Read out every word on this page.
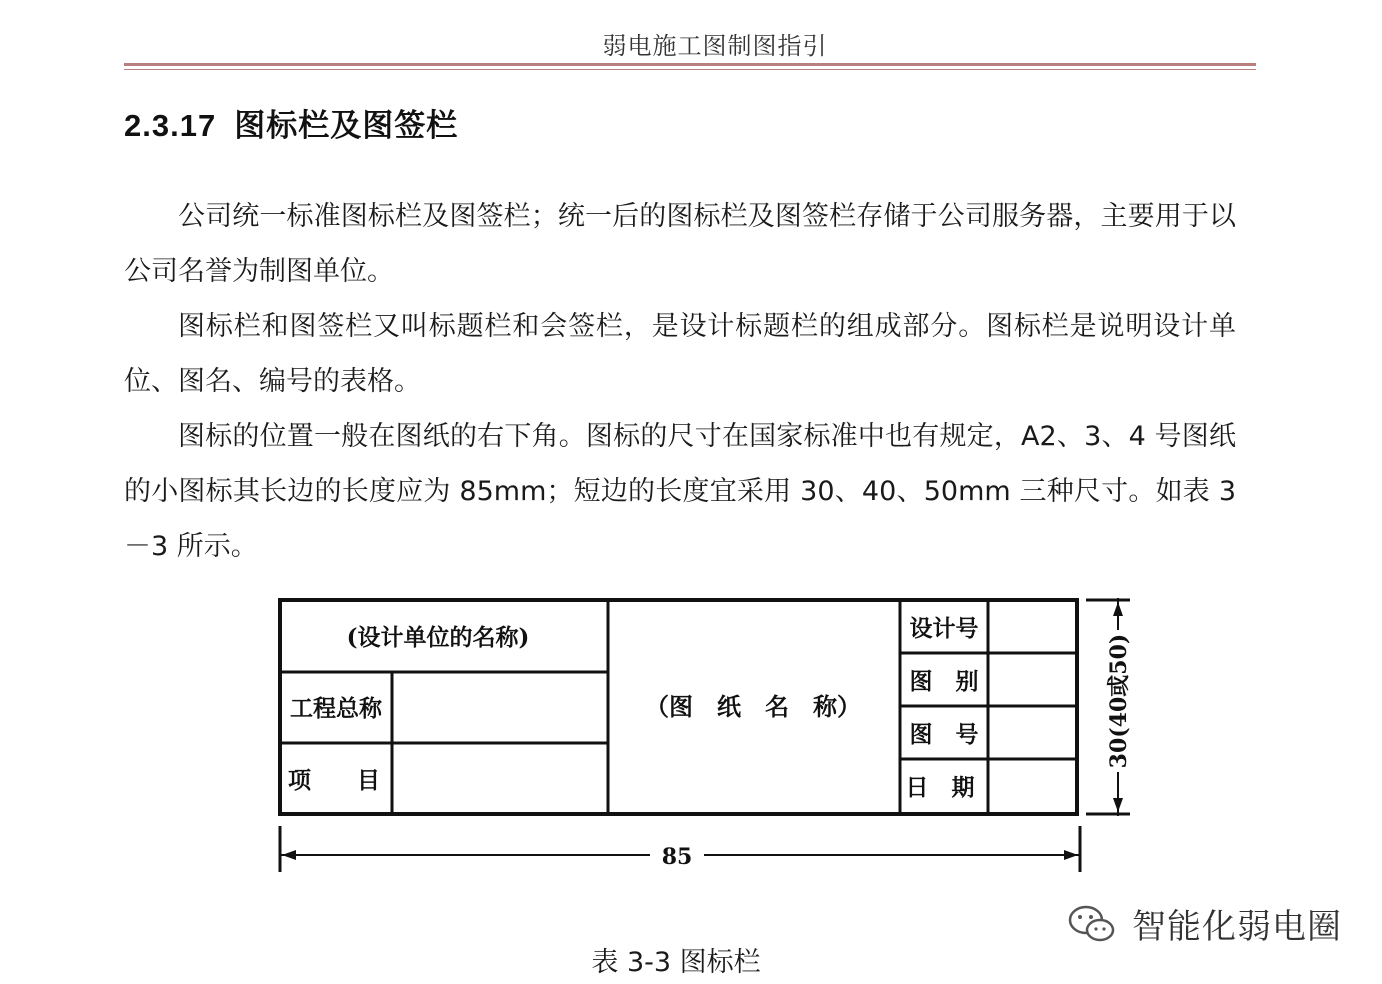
弱电施工图制图指引
2.3.17 图标栏及图签栏
公司统一标准图标栏及图签栏；统一后的图标栏及图签栏存储于公司服务器，主要用于以公司名誉为制图单位。
图标栏和图签栏又叫标题栏和会签栏，是设计标题栏的组成部分。图标栏是说明设计单位、图名、编号的表格。
图标的位置一般在图纸的右下角。图标的尺寸在国家标准中也有规定，A2、3、4 号图纸的小图标其长边的长度应为 85mm；短边的长度宜采用 30、40、50mm 三种尺寸。如表 3－3 所示。
85
30(40或50)
(设计单位的名称)
工程总称
项　　目
（图　纸　名　称）
设计号
图　别
图　号
日　期
智能化弱电圈
表 3-3 图标栏
